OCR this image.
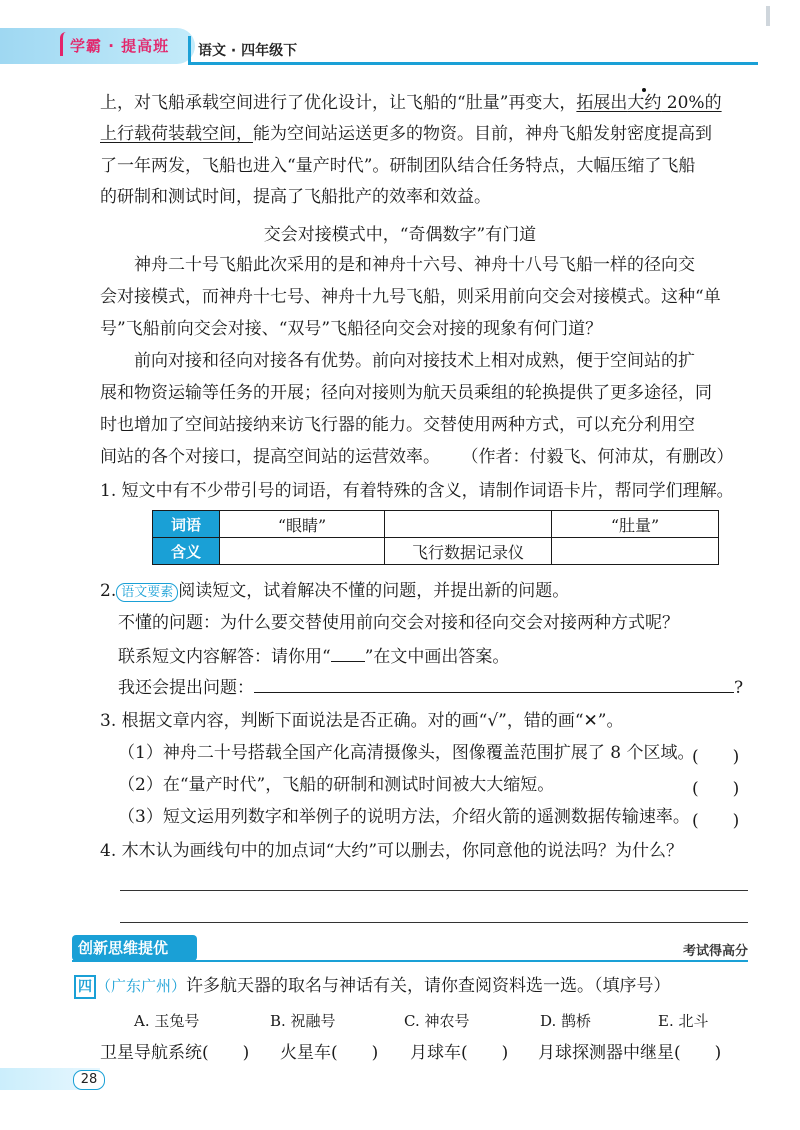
学霸 · 提高班 语文 · 四年级下
上，对飞船承载空间进行了优化设计，让飞船的“肚量”再变大，拓展出大约 20%的
上行载荷装载空间，能为空间站运送更多的物资。目前，神舟飞船发射密度提高到
了一年两发，飞船也进入“量产时代”。研制团队结合任务特点，大幅压缩了飞船
的研制和测试时间，提高了飞船批产的效率和效益。
交会对接模式中，“奇偶数字”有门道
神舟二十号飞船此次采用的是和神舟十六号、神舟十八号飞船一样的径向交
会对接模式，而神舟十七号、神舟十九号飞船，则采用前向交会对接模式。这种“单
号”飞船前向交会对接、“双号”飞船径向交会对接的现象有何门道？
前向对接和径向对接各有优势。前向对接技术上相对成熟，便于空间站的扩
展和物资运输等任务的开展；径向对接则为航天员乘组的轮换提供了更多途径，同
时也增加了空间站接纳来访飞行器的能力。交替使用两种方式，可以充分利用空
间站的各个对接口，提高空间站的运营效率。 （作者：付毅飞、何沛苁，有删改）
1. 短文中有不少带引号的词语，有着特殊的含义，请制作词语卡片，帮同学们理解。
词语	“眼睛”		“肚量”
含义		飞行数据记录仪	
2. 语文要素 阅读短文，试着解决不懂的问题，并提出新的问题。
不懂的问题：为什么要交替使用前向交会对接和径向交会对接两种方式呢？
联系短文内容解答：请你用“ ”在文中画出答案。
我还会提出问题：	?
3. 根据文章内容，判断下面说法是否正确。对的画“√”，错的画“✕”。
（1）神舟二十号搭载全国产化高清摄像头，图像覆盖范围扩展了 8 个区域。
(　　)
（2）在“量产时代”，飞船的研制和测试时间被大大缩短。	(　　)
（3）短文运用列数字和举例子的说明方法，介绍火箭的遥测数据传输速率。 (　　)
4. 木木认为画线句中的加点词“大约”可以删去，你同意他的说法吗？为什么？
创新思维提优	考试得高分
四 （广东广州）许多航天器的取名与神话有关，请你查阅资料选一选。（填序号）
A. 玉兔号	B. 祝融号	C. 神农号	D. 鹊桥	E. 北斗
卫星导航系统(　　)	火星车(　　)	月球车(　　)	月球探测器中继星(　　)
28
